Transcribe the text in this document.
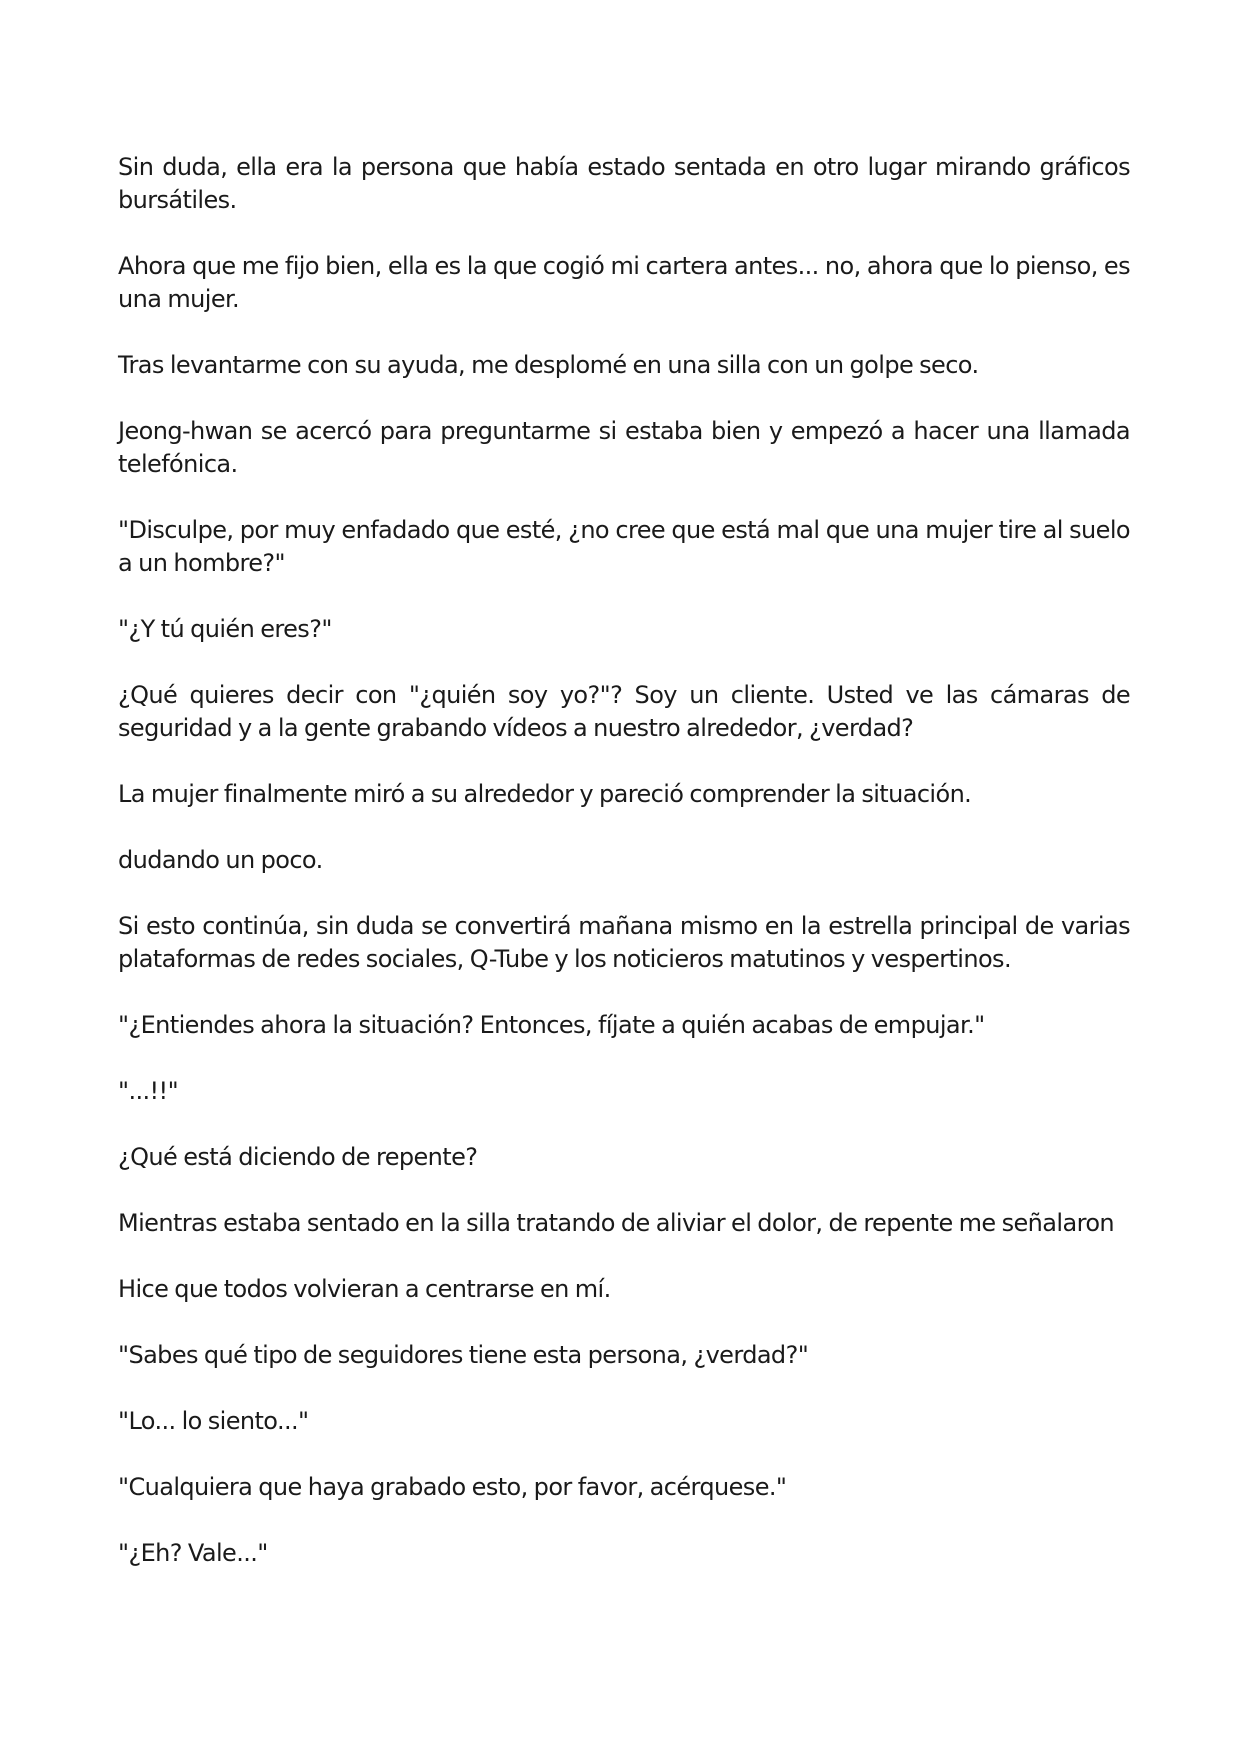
Sin duda, ella era la persona que había estado sentada en otro lugar mirando gráficos bursátiles.

Ahora que me fijo bien, ella es la que cogió mi cartera antes... no, ahora que lo pienso, es una mujer.

Tras levantarme con su ayuda, me desplomé en una silla con un golpe seco.

Jeong-hwan se acercó para preguntarme si estaba bien y empezó a hacer una llamada telefónica.

"Disculpe, por muy enfadado que esté, ¿no cree que está mal que una mujer tire al suelo a un hombre?"

"¿Y tú quién eres?"

¿Qué quieres decir con "¿quién soy yo?"? Soy un cliente. Usted ve las cámaras de seguridad y a la gente grabando vídeos a nuestro alrededor, ¿verdad?

La mujer finalmente miró a su alrededor y pareció comprender la situación.

dudando un poco.

Si esto continúa, sin duda se convertirá mañana mismo en la estrella principal de varias plataformas de redes sociales, Q-Tube y los noticieros matutinos y vespertinos.

"¿Entiendes ahora la situación? Entonces, fíjate a quién acabas de empujar."

"...!!"

¿Qué está diciendo de repente?

Mientras estaba sentado en la silla tratando de aliviar el dolor, de repente me señalaron

Hice que todos volvieran a centrarse en mí.

"Sabes qué tipo de seguidores tiene esta persona, ¿verdad?"

"Lo... lo siento..."

"Cualquiera que haya grabado esto, por favor, acérquese."

"¿Eh? Vale..."
